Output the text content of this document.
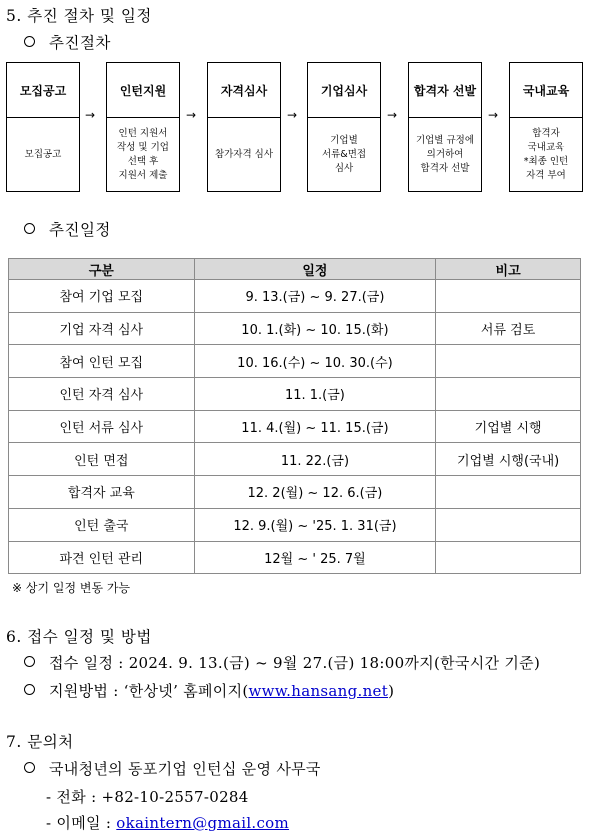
5. 추진 절차 및 일정
추진절차
모집공고
모집공고
→
인턴지원
인턴 지원서
작성 및 기업
선택 후
지원서 제출
→
자격심사
참가자격 심사
→
기업심사
기업별
서류&면접
심사
→
합격자 선발
기업별 규정에
의거하여
합격자 선발
→
국내교육
합격자
국내교육
*최종 인턴
자격 부여
추진일정
구분	일정	비고
참여 기업 모집	9. 13.(금) ~ 9. 27.(금)	
기업 자격 심사	10. 1.(화) ~ 10. 15.(화)	서류 검토
참여 인턴 모집	10. 16.(수) ~ 10. 30.(수)	
인턴 자격 심사	11. 1.(금)	
인턴 서류 심사	11. 4.(월) ~ 11. 15.(금)	기업별 시행
인턴 면접	11. 22.(금)	기업별 시행(국내)
합격자 교육	12. 2(월) ~ 12. 6.(금)	
인턴 출국	12. 9.(월) ~ '25. 1. 31(금)	
파견 인턴 관리	12월 ~ ' 25. 7월	
※ 상기 일정 변동 가능
6. 접수 일정 및 방법
접수 일정 : 2024. 9. 13.(금) ~ 9월 27.(금) 18:00까지(한국시간 기준)
지원방법 : ‘한상넷’ 홈페이지(www.hansang.net)
7. 문의처
국내청년의 동포기업 인턴십 운영 사무국
- 전화 : +82-10-2557-0284
- 이메일 : okaintern@gmail.com
